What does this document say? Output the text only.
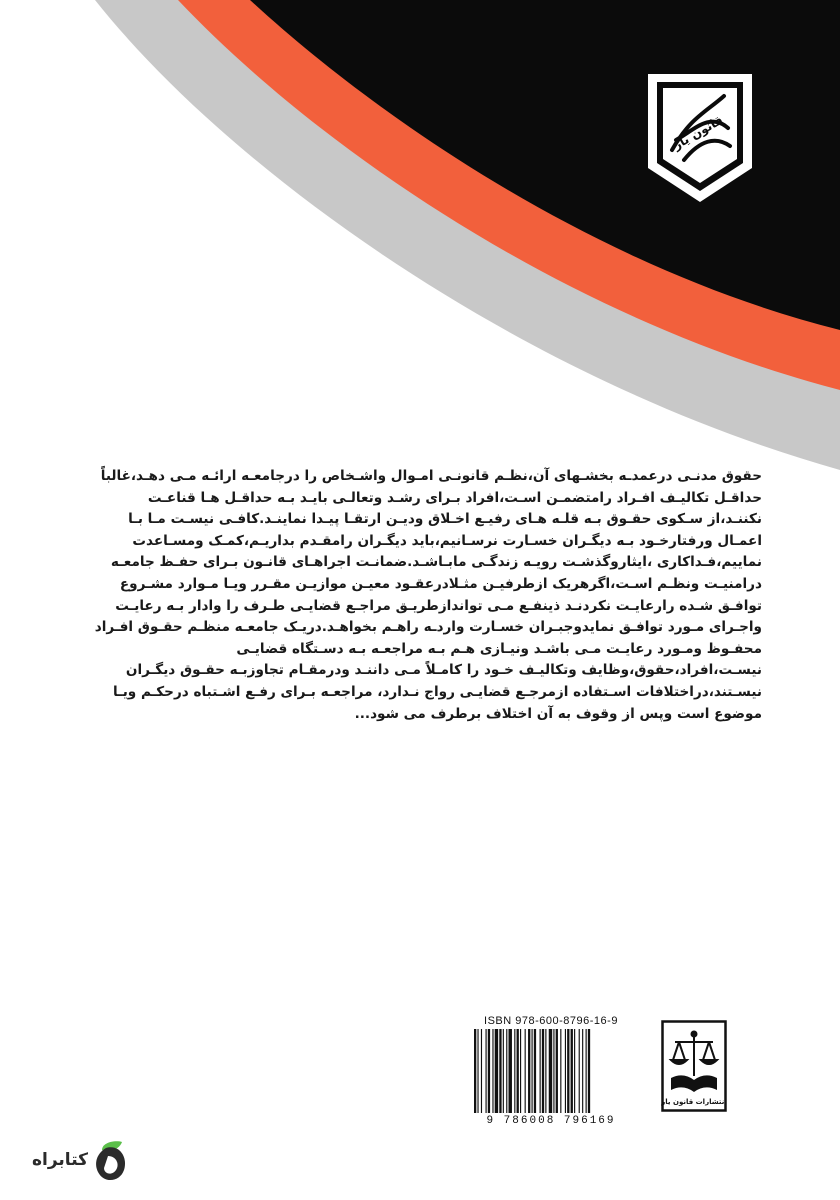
قانون یار

حقوق مدنـی درعمدـه بخشـهای آن،نظـم قانونـی امـوال واشـخاص را درجامعـه ارائـه مـی دهـد،غالباً

حداقـل تکالیـف افـراد رامتضمـن اسـت،افراد بـرای رشـد وتعالـی بایـد بـه حداقـل هـا قناعـت

نکننـد،از سـکوی حقـوق بـه قلـه هـای رفیـع اخـلاق ودیـن ارتقـا پیـدا نماینـد.کافـی نیسـت مـا بـا

اعمـال ورفتارخـود بـه دیگـران خسـارت نرسـانیم،باید دیگـران رامقـدم بداریـم،کمـک ومسـاعدت

نماییم،فـداکاری ،ایثاروگذشـت رویـه زندگـی مابـاشـد.ضمانـت اجراهـای قانـون بـرای حفـظ جامعـه

درامنیـت ونظـم اسـت،اگرهریک ازطرفیـن مثـلادرعقـود معیـن موازیـن مقـرر ویـا مـوارد مشـروع

توافـق شـده رارعایـت نکردنـد ذینفـع مـی توانداز‌طریـق مراجـع قضایـی طـرف را وادار بـه رعایـت

واجـرای مـورد توافـق نمایدوجبـران خسـارت واردـه راهـم بخواهـد.دریـک جامعـه منظـم حقـوق افـراد

محفـوظ ومـورد رعایـت مـی باشـد ونیـازی هـم بـه مراجعـه بـه دسـتگاه قضایـی

نیسـت،افراد،حقوق،وظایف وتکالیـف خـود را کامـلاً مـی داننـد ودرمقـام تجاوزبـه حقـوق دیگـران

نیسـتند،دراختلافات اسـتفاده ازمرجـع قضایـی رواج نـدارد، مراجعـه بـرای رفـع اشـتباه درحکـم ویـا

موضوع است وپس از وقوف به آن اختلاف برطرف می شود...

ISBN 978-600-8796-16-9
9 786008 796169
انتشارات قانون یار
کتابراه
